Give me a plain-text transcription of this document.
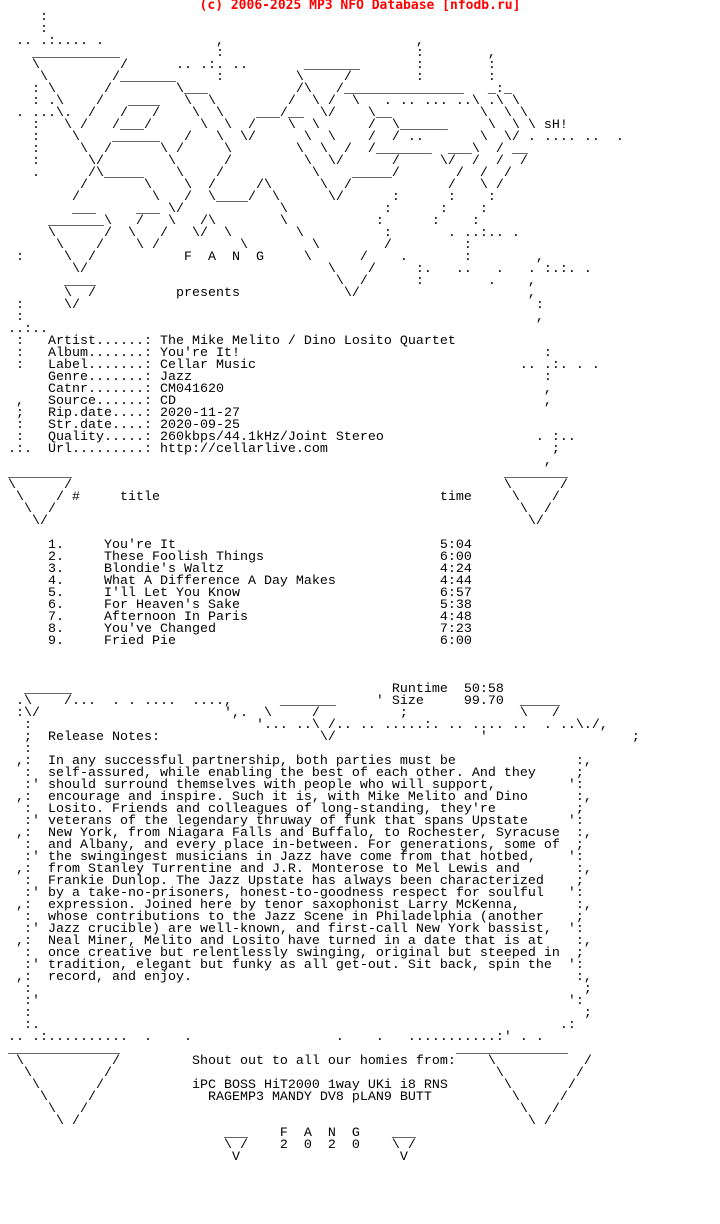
(c) 2006-2025 MP3 NFO Database [nfodb.ru]
:
:
.. .:.... .              ,                        ,
___________            :                        :        ,
\          /      .. .:. ..       _______       :        :
\        /_______     :         \     /        :        :
: \      /        \___           /\   /_______________   _:_
: .\    /   ____   \  \         /  \ /  \   . .. ... ..\ .\ \
. ...\.  /   /   /    \  \    ___/__  \/    \__           \  \ \
:   \ /   /___/      \  \  /    \  \      /  \______     \  \ \ sH!
:    \    ______   /   \  \/      \  \    /  / ..       \  \/ . .... ..  .
:     \  /      \ /     \        \  \  /  /_______  ___\  / __
:      \/        \      /         \  \/      /     \/  /  /  /
.      /\_____    \    /           \    _____/       /  /  /
/       \    \  /     /\      \  /            /   \ /
/         \   /  \____/  \      \/      :      :    :
___     ___ \/            \            :      :    :
_______\   /   \   /\        \           :      :    :
\      /  \   /   \/  \        \          :       . ..:.. .
\    /    \ /          \        \        /         :
:     \  /           F  A  N  G     \      /    .       :        ,
\/                              \    /     :.   ..   .   . :.:. .
____                              \  /      :        .    ,
\  /          presents             \/                     ,
:     \/                                                         :
:                                                                ,
..:..
:   Artist......: The Mike Melito / Dino Losito Quartet
:   Album.......: You're It!                                      :
:   Label.......: Cellar Music                                 .. .:. . .
Genre.......: Jazz                                            :
Catnr.......: CM041620                                        ,
,   Source......: CD                                              ,
;   Rip.date....: 2020-11-27
:   Str.date....: 2020-09-25
:   Quality.....: 260kbps/44.1kHz/Joint Stereo                   . :..
.:.  Url.........: http://cellarlive.com                            ;
,
________                                                      ________
\      /                                                      \      /
\    / #     title                                   time     \    /
\  /                                                          \  /
\/                                                            \/

1.     You're It                                 5:04
2.     These Foolish Things                      6:00
3.     Blondie's Waltz                           4:24
4.     What A Difference A Day Makes             4:44
5.     I'll Let You Know                         6:57
6.     For Heaven's Sake                         5:38
7.     Afternoon In Paris                        4:48
8.     You've Changed                            7:23
9.     Fried Pie                                 6:00

______                                        Runtime  50:58
.\    /...  . . ....  ....,      _______     ' Size     99.70  _____
:\/                       ',.  \     /          ;              \   /
:                            '... ..\ /.. .. .....:. .. .... ..  . ..\./,
;  Release Notes:                    \/                  '                  ;
:
,:  In any successful partnership, both parties must be               :,
:  self-assured, while enabling the best of each other. And they     ;
:' should surround themselves with people who will support,         ':
,:  encourage and inspire. Such it is, with Mike Melito and Dino      :,
:  Losito. Friends and colleagues of long-standing, they're          ;
:' veterans of the legendary thruway of funk that spans Upstate     ':
,:  New York, from Niagara Falls and Buffalo, to Rochester, Syracuse  :,
:  and Albany, and every place in-between. For generations, some of  ;
:' the swingingest musicians in Jazz have come from that hotbed,    ':
,:  from Stanley Turrentine and J.R. Monterose to Mel Lewis and       :,
:  Frankie Dunlop. The Jazz Upstate has always been characterized    ;
:' by a take-no-prisoners, honest-to-goodness respect for soulful   ':
,:  expression. Joined here by tenor saxophonist Larry McKenna,       :,
:  whose contributions to the Jazz Scene in Philadelphia (another    ;
:' Jazz crucible) are well-known, and first-call New York bassist,  ':
,:  Neal Miner, Melito and Losito have turned in a date that is at    :,
:  once creative but relentlessly swinging, original but steeped in  ;
:' tradition, elegant but funky as all get-out. Sit back, spin the  ':
,:  record, and enjoy.                                                :,
:                                                                     ;
:'                                                                  ':
:                                                                     ;
:.                                                                 .:
.. .:..........  .    .                  .    .   ...........:' . .
______________                                          ______________
\           /         Shout out to all our homies from:    \           /
\         /                                                \         /
\       /           iPC BOSS HiT2000 1way UKi i8 RNS       \       /
\     /              RAGEMP3 MANDY DV8 pLAN9 BUTT          \     /
\   /                                                      \   /
\ /                                                        \ /
___    F  A  N  G    ___
\ /    2  0  2  0    \ /
V                    V
